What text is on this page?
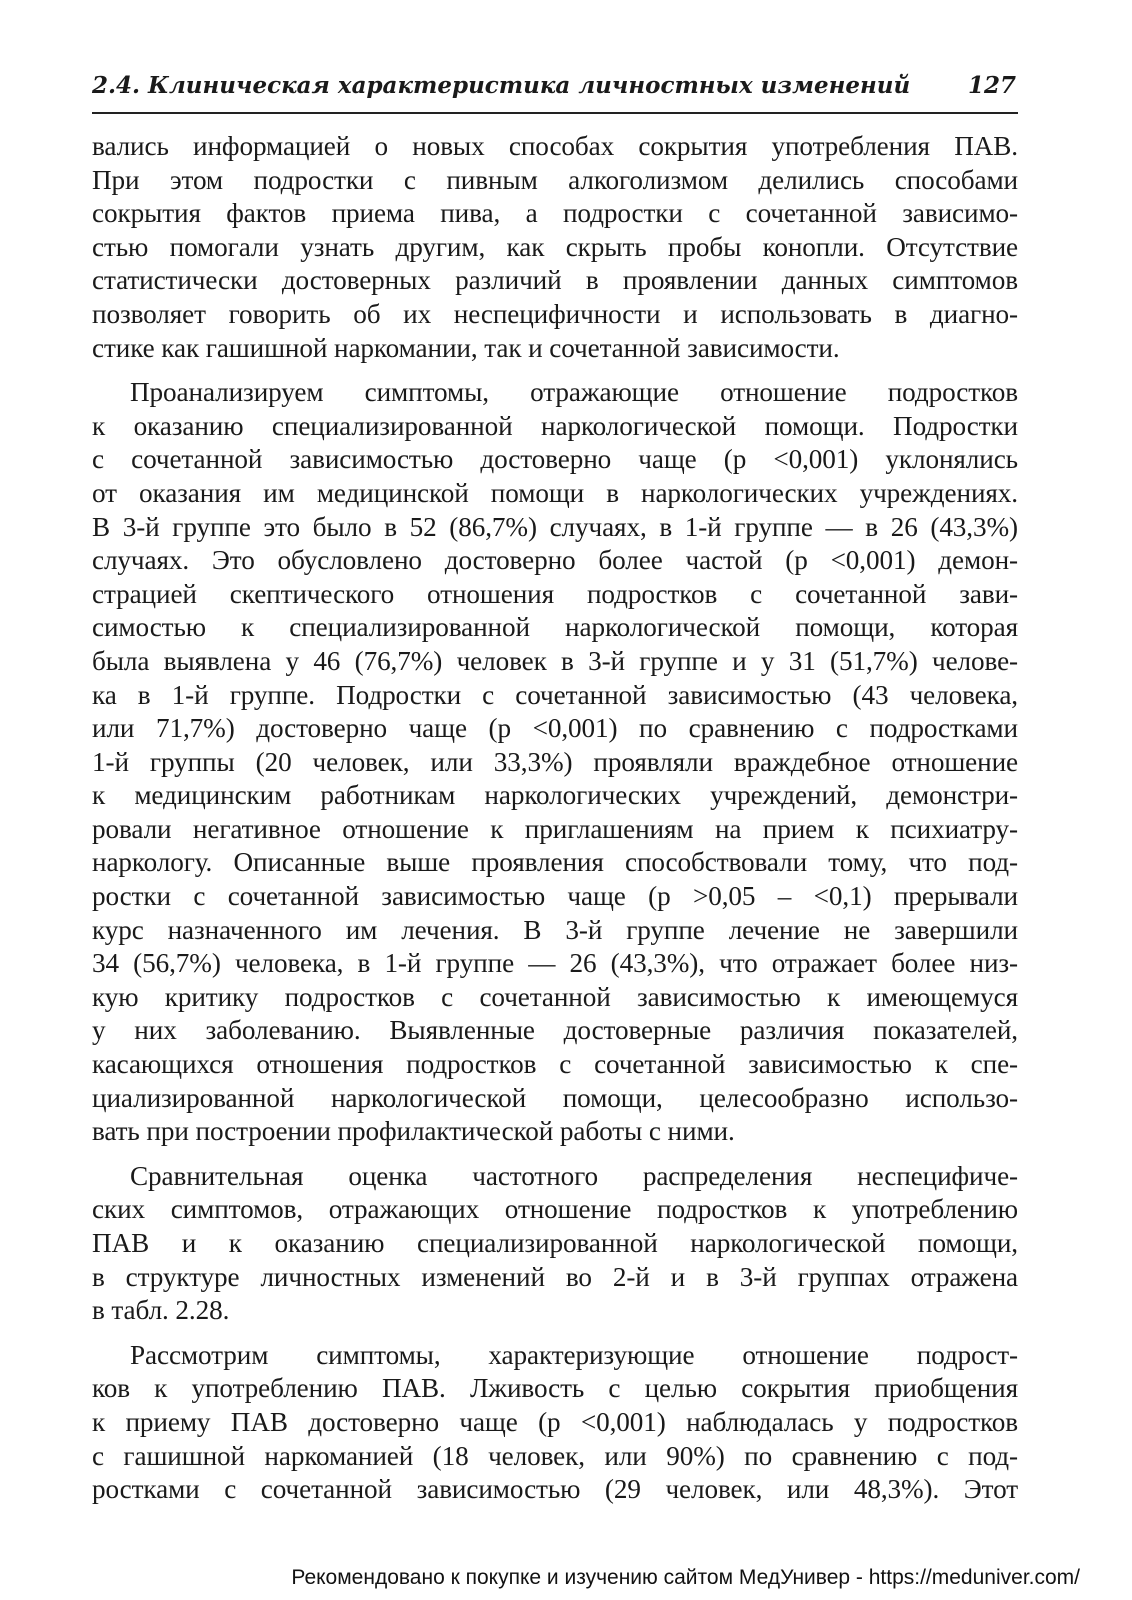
2.4. Клиническая характеристика личностных изменений	127
вались информацией о новых способах сокрытия употребления ПАВ.
При этом подростки с пивным алкоголизмом делились способами
сокрытия фактов приема пива, а подростки с сочетанной зависимо-
стью помогали узнать другим, как скрыть пробы конопли. Отсутствие
статистически достоверных различий в проявлении данных симптомов
позволяет говорить об их неспецифичности и использовать в диагно-
стике как гашишной наркомании, так и сочетанной зависимости.
Проанализируем симптомы, отражающие отношение подростков
к оказанию специализированной наркологической помощи. Подростки
с сочетанной зависимостью достоверно чаще (p <0,001) уклонялись
от оказания им медицинской помощи в наркологических учреждениях.
В 3-й группе это было в 52 (86,7%) случаях, в 1-й группе — в 26 (43,3%)
случаях. Это обусловлено достоверно более частой (p <0,001) демон-
страцией скептического отношения подростков с сочетанной зави-
симостью к специализированной наркологической помощи, которая
была выявлена у 46 (76,7%) человек в 3-й группе и у 31 (51,7%) челове-
ка в 1-й группе. Подростки с сочетанной зависимостью (43 человека,
или 71,7%) достоверно чаще (p <0,001) по сравнению с подростками
1-й группы (20 человек, или 33,3%) проявляли враждебное отношение
к медицинским работникам наркологических учреждений, демонстри-
ровали негативное отношение к приглашениям на прием к психиатру-
наркологу. Описанные выше проявления способствовали тому, что под-
ростки с сочетанной зависимостью чаще (p >0,05 – <0,1) прерывали
курс назначенного им лечения. В 3-й группе лечение не завершили
34 (56,7%) человека, в 1-й группе — 26 (43,3%), что отражает более низ-
кую критику подростков с сочетанной зависимостью к имеющемуся
у них заболеванию. Выявленные достоверные различия показателей,
касающихся отношения подростков с сочетанной зависимостью к спе-
циализированной наркологической помощи, целесообразно использо-
вать при построении профилактической работы с ними.
Сравнительная оценка частотного распределения неспецифиче-
ских симптомов, отражающих отношение подростков к употреблению
ПАВ и к оказанию специализированной наркологической помощи,
в структуре личностных изменений во 2-й и в 3-й группах отражена
в табл. 2.28.
Рассмотрим симптомы, характеризующие отношение подрост-
ков к употреблению ПАВ. Лживость с целью сокрытия приобщения
к приему ПАВ достоверно чаще (p <0,001) наблюдалась у подростков
с гашишной наркоманией (18 человек, или 90%) по сравнению с под-
ростками с сочетанной зависимостью (29 человек, или 48,3%). Этот
Рекомендовано к покупке и изучению сайтом МедУнивер - https://meduniver.com/
